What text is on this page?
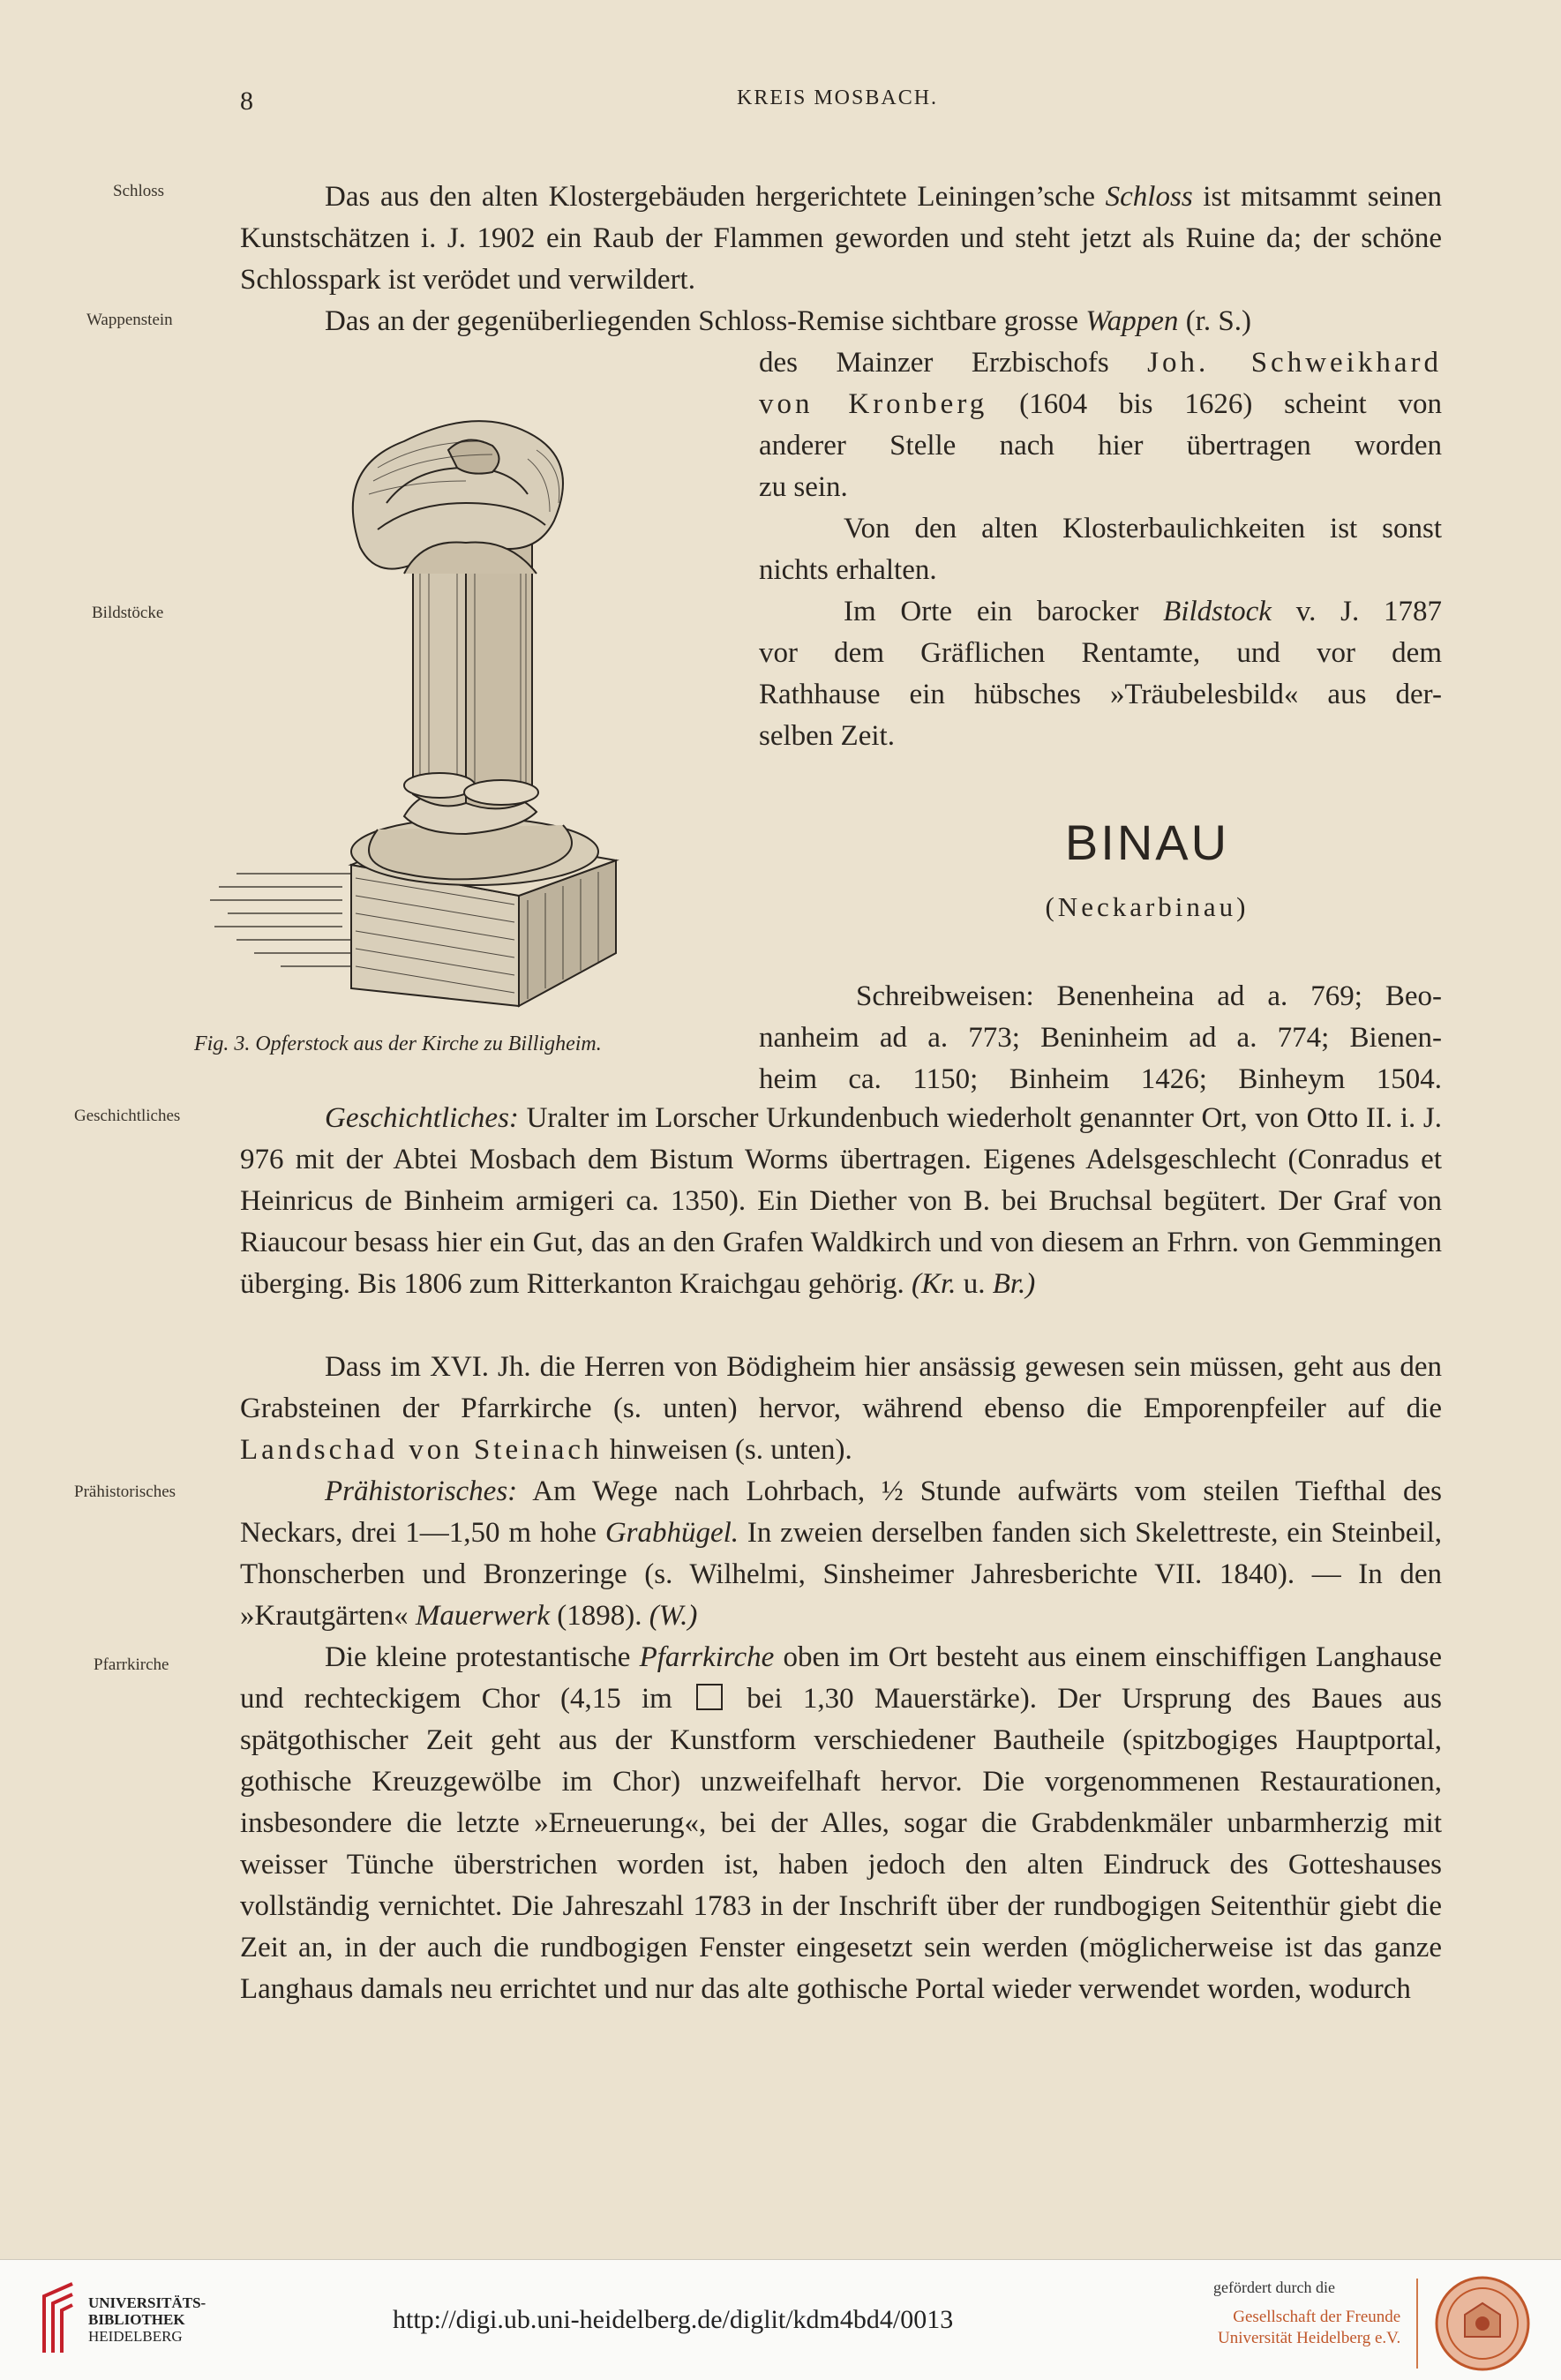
8	KREIS MOSBACH.
Schloss
Wappenstein
Bildstöcke
Geschichtliches
Prähistorisches
Pfarrkirche
Das aus den alten Klostergebäuden hergerichtete Leiningen’sche Schloss ist mitsammt seinen Kunstschätzen i. J. 1902 ein Raub der Flammen geworden und steht jetzt als Ruine da; der schöne Schlosspark ist verödet und verwildert.
Das an der gegenüberliegenden Schloss-Remise sichtbare grosse Wappen (r. S.)
des Mainzer Erzbischofs Joh. Schweikhard
von Kronberg (1604 bis 1626) scheint von
anderer Stelle nach hier übertragen worden
zu sein.
Von den alten Klosterbaulichkeiten ist sonst
nichts erhalten.
Im Orte ein barocker Bildstock v. J. 1787
vor dem Gräflichen Rentamte, und vor dem
Rathhause ein hübsches »Träubelesbild« aus der-
selben Zeit.
BINAU
(Neckarbinau)
Schreibweisen: Benenheina ad a. 769; Beo-
nanheim ad a. 773; Beninheim ad a. 774; Bienen-
heim ca. 1150; Binheim 1426; Binheym 1504.
Fig. 3. Opferstock aus der Kirche zu Billigheim.
Geschichtliches: Uralter im Lorscher Urkundenbuch wiederholt genannter Ort, von Otto II. i. J. 976 mit der Abtei Mosbach dem Bistum Worms übertragen. Eigenes Adelsgeschlecht (Conradus et Heinricus de Binheim armigeri ca. 1350). Ein Diether von B. bei Bruchsal begütert. Der Graf von Riaucour besass hier ein Gut, das an den Grafen Waldkirch und von diesem an Frhrn. von Gemmingen überging. Bis 1806 zum Ritterkanton Kraichgau gehörig. (Kr. u. Br.)
Dass im XVI. Jh. die Herren von Bödigheim hier ansässig gewesen sein müssen, geht aus den Grabsteinen der Pfarrkirche (s. unten) hervor, während ebenso die Emporenpfeiler auf die Landschad von Steinach hinweisen (s. unten).
Prähistorisches: Am Wege nach Lohrbach, ½ Stunde aufwärts vom steilen Tiefthal des Neckars, drei 1—1,50 m hohe Grabhügel. In zweien derselben fanden sich Skelettreste, ein Steinbeil, Thonscherben und Bronzeringe (s. Wilhelmi, Sinsheimer Jahresberichte VII. 1840). — In den »Krautgärten« Mauerwerk (1898). (W.)
Die kleine protestantische Pfarrkirche oben im Ort besteht aus einem einschiffigen Langhause und rechteckigem Chor (4,15 im  bei 1,30 Mauerstärke). Der Ursprung des Baues aus spätgothischer Zeit geht aus der Kunstform verschiedener Bautheile (spitzbogiges Hauptportal, gothische Kreuzgewölbe im Chor) unzweifelhaft hervor. Die vorgenommenen Restaurationen, insbesondere die letzte »Erneuerung«, bei der Alles, sogar die Grabdenkmäler unbarmherzig mit weisser Tünche überstrichen worden ist, haben jedoch den alten Eindruck des Gotteshauses vollständig vernichtet. Die Jahreszahl 1783 in der Inschrift über der rundbogigen Seitenthür giebt die Zeit an, in der auch die rundbogigen Fenster eingesetzt sein werden (möglicherweise ist das ganze Langhaus damals neu errichtet und nur das alte gothische Portal wieder verwendet worden, wodurch
UNIVERSITÄTS-
BIBLIOTHEK
HEIDELBERG
http://digi.ub.uni-heidelberg.de/diglit/kdm4bd4/0013
gefördert durch die
Gesellschaft der Freunde
Universität Heidelberg e.V.
